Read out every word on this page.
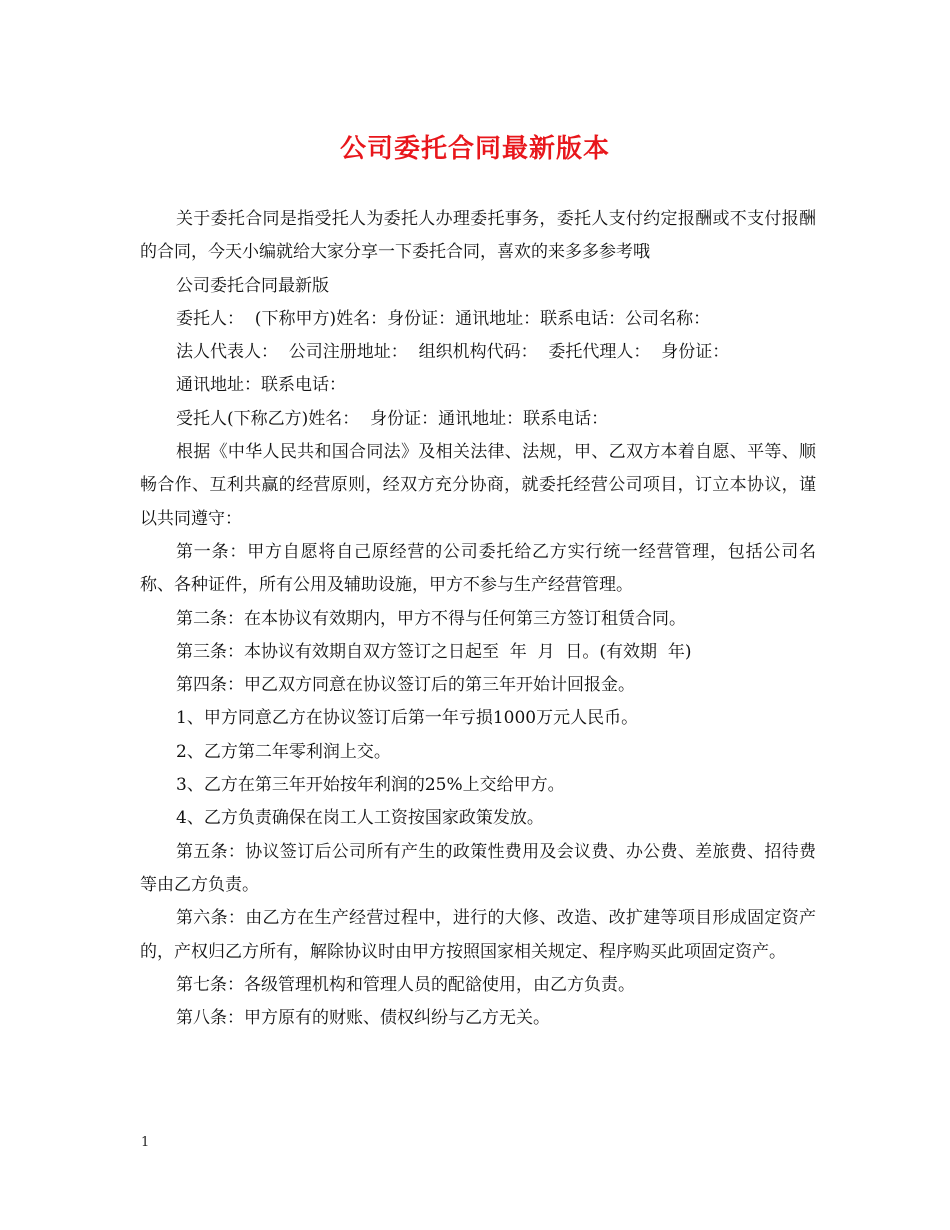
公司委托合同最新版本

关于委托合同是指受托人为委托人办理委托事务，委托人支付约定报酬或不支付报酬的合同，今天小编就给大家分享一下委托合同，喜欢的来多多参考哦

公司委托合同最新版

委托人：  (下称甲方)姓名：身份证：通讯地址：联系电话：公司名称：

法人代表人：  公司注册地址：  组织机构代码：  委托代理人：  身份证：

通讯地址：联系电话：

受托人(下称乙方)姓名：  身份证：通讯地址：联系电话：

根据《中华人民共和国合同法》及相关法律、法规，甲、乙双方本着自愿、平等、顺畅合作、互利共赢的经营原则，经双方充分协商，就委托经营公司项目，订立本协议，谨以共同遵守：

第一条：甲方自愿将自己原经营的公司委托给乙方实行统一经营管理，包括公司名称、各种证件，所有公用及辅助设施，甲方不参与生产经营管理。

第二条：在本协议有效期内，甲方不得与任何第三方签订租赁合同。

第三条：本协议有效期自双方签订之日起至  年  月  日。(有效期  年)

第四条：甲乙双方同意在协议签订后的第三年开始计回报金。

1、甲方同意乙方在协议签订后第一年亏损1000万元人民币。

2、乙方第二年零利润上交。

3、乙方在第三年开始按年利润的25%上交给甲方。

4、乙方负责确保在岗工人工资按国家政策发放。

第五条：协议签订后公司所有产生的政策性费用及会议费、办公费、差旅费、招待费等由乙方负责。

第六条：由乙方在生产经营过程中，进行的大修、改造、改扩建等项目形成固定资产的，产权归乙方所有，解除协议时由甲方按照国家相关规定、程序购买此项固定资产。

第七条：各级管理机构和管理人员的配谽使用，由乙方负责。

第八条：甲方原有的财账、债权纠纷与乙方无关。

1
